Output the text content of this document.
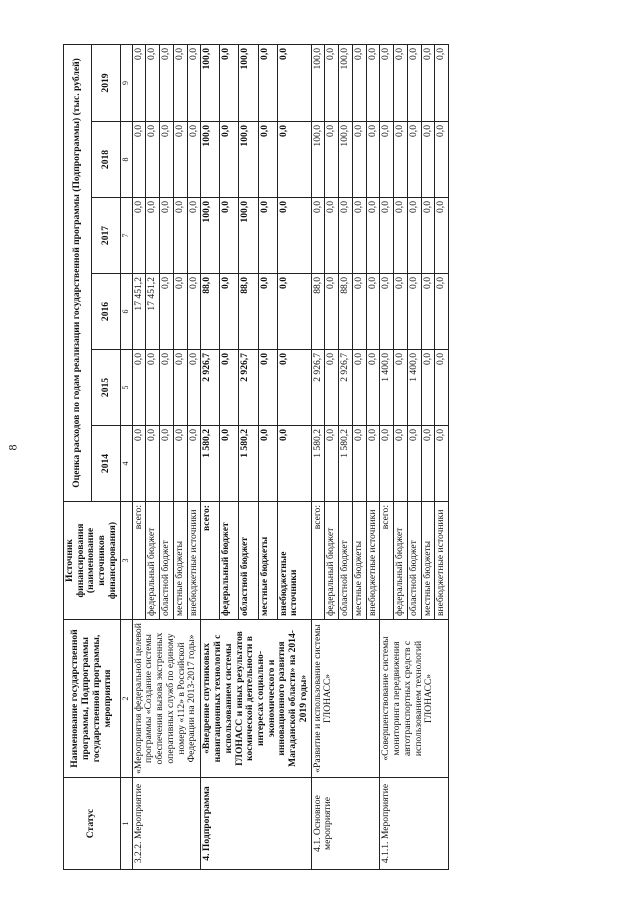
8
Статус	Наименование государственной программы, Подпрограммы государственной программы, мероприятия	Источник финансирования (наименование источников финансирования)	Оценка расходов по годам реализации государственной программы (Подпрограммы) (тыс. рублей)					
			2014	2015	2016	2017	2018	2019
1	2	3	4	5	6	7	8	9
3.2.2. Мероприятие	«Мероприятия федеральной целевой программы «Создание системы обеспечения вызова экстренных оперативных служб по единому номеру «112» в Российской Федерации на 2013-2017 годы»	всего:	0,0	0,0	17 451,2	0,0	0,0	0,0
		федеральный бюджет	0,0	0,0	17 451,2	0,0	0,0	0,0
		областной бюджет	0,0	0,0	0,0	0,0	0,0	0,0
		местные бюджеты	0,0	0,0	0,0	0,0	0,0	0,0
		внебюджетные источники	0,0	0,0	0,0	0,0	0,0	0,0
4. Подпрограмма	«Внедрение спутниковых навигационных технологий с использованием системы ГЛОНАСС и иных результатов космической деятельности в интересах социально-экономического и инновационного развития Магаданской области» на 2014-2019 годы»	всего:	1 580,2	2 926,7	88,0	100,0	100,0	100,0
		федеральный бюджет	0,0	0,0	0,0	0,0	0,0	0,0
		областной бюджет	1 580,2	2 926,7	88,0	100,0	100,0	100,0
		местные бюджеты	0,0	0,0	0,0	0,0	0,0	0,0
		внебюджетные источники	0,0	0,0	0,0	0,0	0,0	0,0
4.1. Основное мероприятие	«Развитие и использование системы ГЛОНАСС»	всего:	1 580,2	2 926,7	88,0	0,0	100,0	100,0
		федеральный бюджет	0,0	0,0	0,0	0,0	0,0	0,0
		областной бюджет	1 580,2	2 926,7	88,0	0,0	100,0	100,0
		местные бюджеты	0,0	0,0	0,0	0,0	0,0	0,0
		внебюджетные источники	0,0	0,0	0,0	0,0	0,0	0,0
4.1.1. Мероприятие	«Совершенствование системы мониторинга передвижения автотранспортных средств с использованием технологий ГЛОНАСС»	всего:	0,0	1 400,0	0,0	0,0	0,0	0,0
		федеральный бюджет	0,0	0,0	0,0	0,0	0,0	0,0
		областной бюджет	0,0	1 400,0	0,0	0,0	0,0	0,0
		местные бюджеты	0,0	0,0	0,0	0,0	0,0	0,0
		внебюджетные источники	0,0	0,0	0,0	0,0	0,0	0,0
